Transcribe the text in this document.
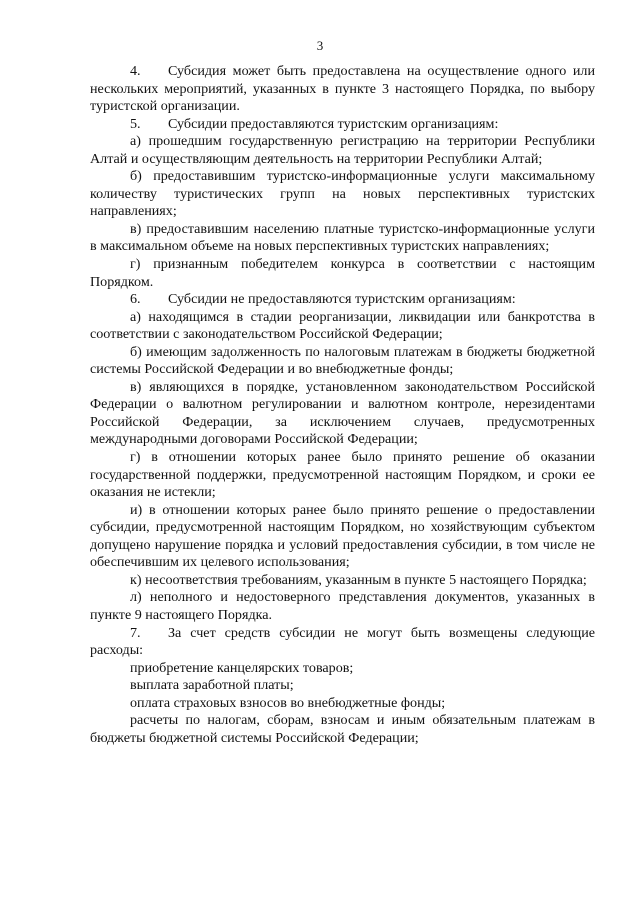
3

4. Субсидия может быть предоставлена на осуществление одного или нескольких мероприятий, указанных в пункте 3 настоящего Порядка, по выбору туристской организации.

5. Субсидии предоставляются туристским организациям:

а) прошедшим государственную регистрацию на территории Республики Алтай и осуществляющим деятельность на территории Республики Алтай;

б) предоставившим туристско-информационные услуги максимальному количеству туристических групп на новых перспективных туристских направлениях;

в) предоставившим населению платные туристско-информационные услуги в максимальном объеме на новых перспективных туристских направлениях;

г) признанным победителем конкурса в соответствии с настоящим Порядком.

6. Субсидии не предоставляются туристским организациям:

а) находящимся в стадии реорганизации, ликвидации или банкротства в соответствии с законодательством Российской Федерации;

б) имеющим задолженность по налоговым платежам в бюджеты бюджетной системы Российской Федерации и во внебюджетные фонды;

в) являющихся в порядке, установленном законодательством Российской Федерации о валютном регулировании и валютном контроле, нерезидентами Российской Федерации, за исключением случаев, предусмотренных международными договорами Российской Федерации;

г) в отношении которых ранее было принято решение об оказании государственной поддержки, предусмотренной настоящим Порядком, и сроки ее оказания не истекли;

и) в отношении которых ранее было принято решение о предоставлении субсидии, предусмотренной настоящим Порядком, но хозяйствующим субъектом допущено нарушение порядка и условий предоставления субсидии, в том числе не обеспечившим их целевого использования;

к) несоответствия требованиям, указанным в пункте 5 настоящего Порядка;

л) неполного и недостоверного представления документов, указанных в пункте 9 настоящего Порядка.

7. За счет средств субсидии не могут быть возмещены следующие расходы:

приобретение канцелярских товаров;

выплата заработной платы;

оплата страховых взносов во внебюджетные фонды;

расчеты по налогам, сборам, взносам и иным обязательным платежам в бюджеты бюджетной системы Российской Федерации;
